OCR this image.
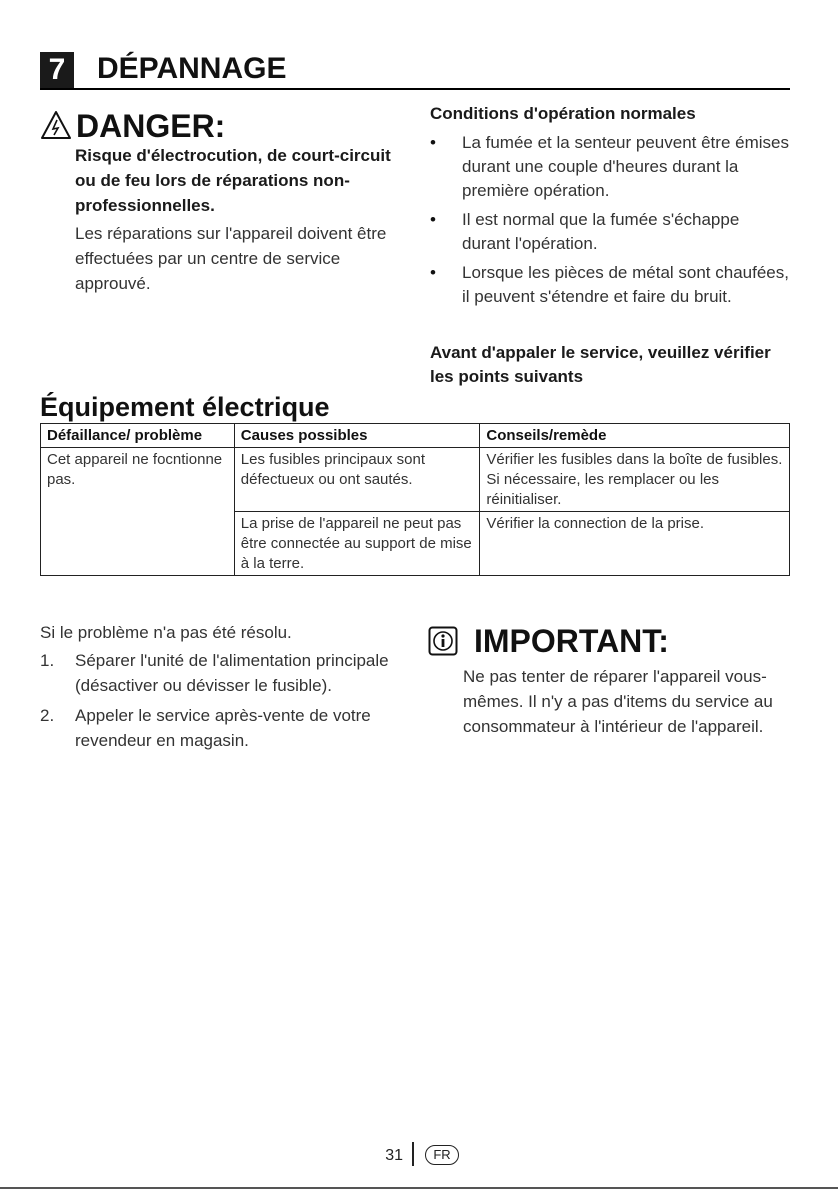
7 DÉPANNAGE
DANGER:
Risque d'électrocution, de court-circuit ou de feu lors de réparations non-professionnelles.
Les réparations sur l'appareil doivent être effectuées par un centre de service approuvé.
Conditions d'opération normales
• La fumée et la senteur peuvent être émises durant une couple d'heures durant la première opération.
• Il est normal que la fumée s'échappe durant l'opération.
• Lorsque les pièces de métal sont chaufées, il peuvent s'étendre et faire du bruit.
Avant d'appaler le service, veuillez vérifier les points suivants
Équipement électrique
Défaillance/ problème	Causes possibles	Conseils/remède
Cet appareil ne focntionne pas.	Les fusibles principaux sont défectueux ou ont sautés.	Vérifier les fusibles dans la boîte de fusibles. Si nécessaire, les remplacer ou les réinitialiser.
	La prise de l'appareil ne peut pas être connectée au support de mise à la terre.	Vérifier la connection de la prise.
Si le problème n'a pas été résolu.
1. Séparer l'unité de l'alimentation principale (désactiver ou dévisser le fusible).
2. Appeler le service après-vente de votre revendeur en magasin.
IMPORTANT:
Ne pas tenter de réparer l'appareil vous-mêmes. Il n'y a pas d'items du service au consommateur à l'intérieur de l'appareil.
31	FR
